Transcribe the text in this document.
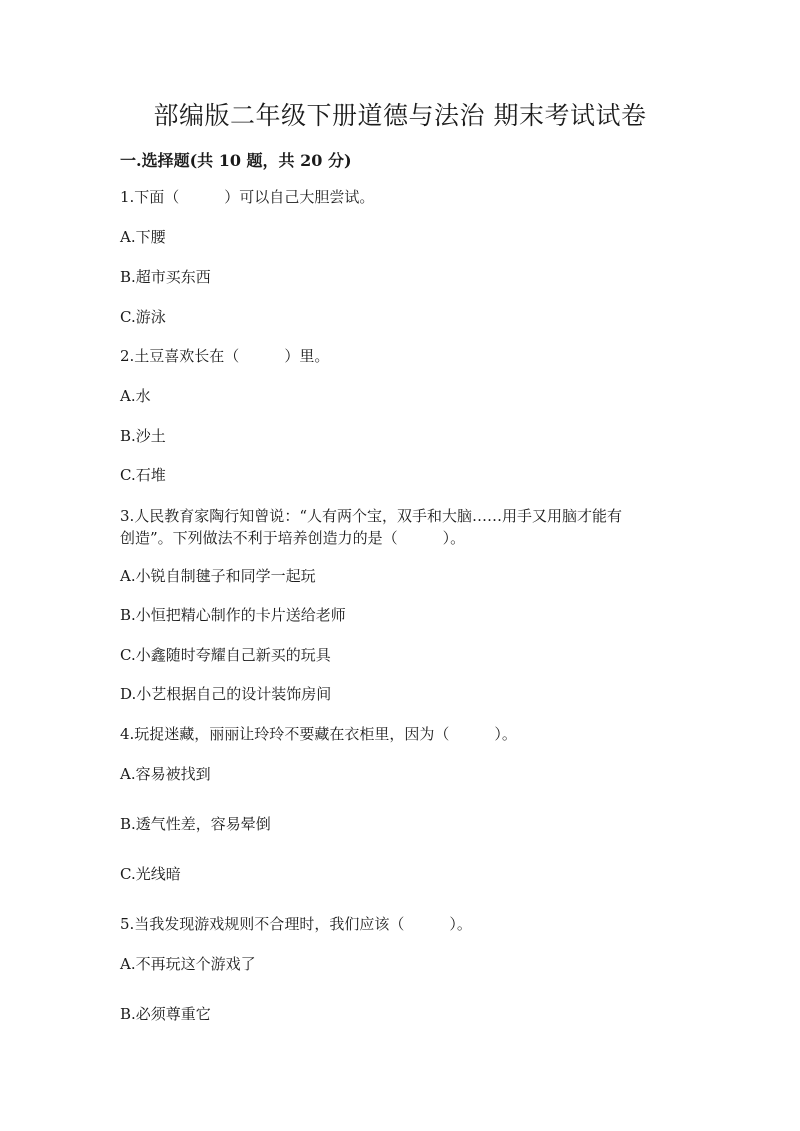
部编版二年级下册道德与法治 期末考试试卷
一.选择题(共 10 题，共 20 分)
1.下面（　　　）可以自己大胆尝试。
A.下腰
B.超市买东西
C.游泳
2.土豆喜欢长在（　　　）里。
A.水
B.沙土
C.石堆
3.人民教育家陶行知曾说：“人有两个宝，双手和大脑……用手又用脑才能有
创造”。下列做法不利于培养创造力的是（　　　）。
A.小锐自制毽子和同学一起玩
B.小恒把精心制作的卡片送给老师
C.小鑫随时夸耀自己新买的玩具
D.小艺根据自己的设计装饰房间
4.玩捉迷藏，丽丽让玲玲不要藏在衣柜里，因为（　　　）。
A.容易被找到
B.透气性差，容易晕倒
C.光线暗
5.当我发现游戏规则不合理时，我们应该（　　　）。
A.不再玩这个游戏了
B.必须尊重它
